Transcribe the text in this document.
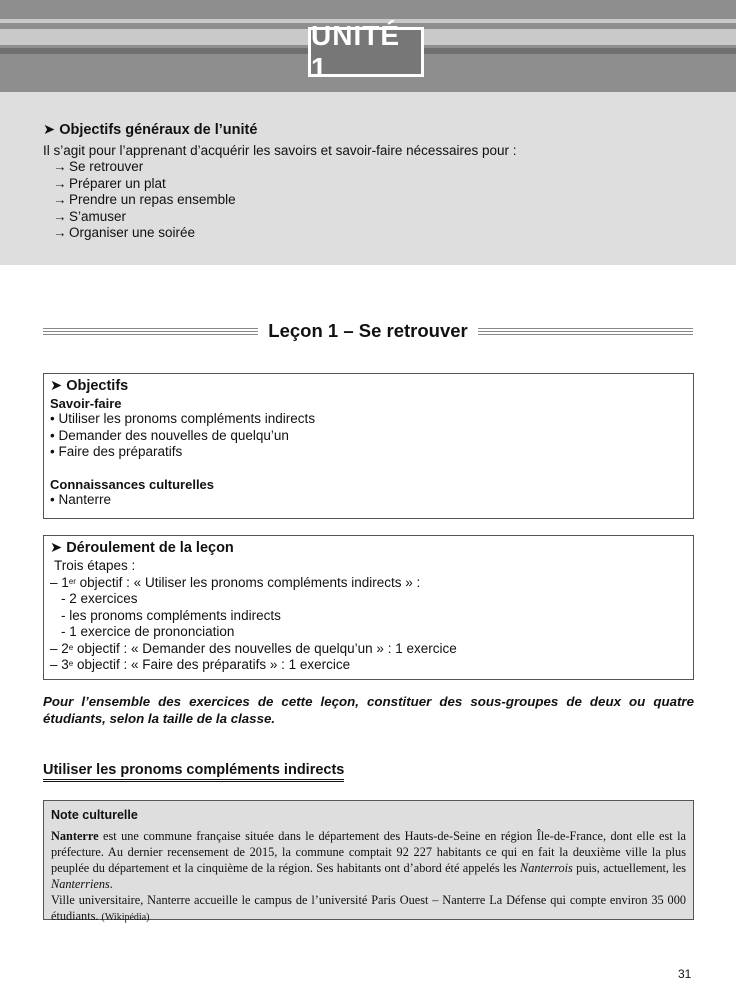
UNITÉ 1
➤ Objectifs généraux de l’unité
Il s’agit pour l’apprenant d’acquérir les savoirs et savoir-faire nécessaires pour :
→ Se retrouver
→ Préparer un plat
→ Prendre un repas ensemble
→ S’amuser
→ Organiser une soirée
Leçon 1 – Se retrouver
➤ Objectifs
Savoir-faire
• Utiliser les pronoms compléments indirects
• Demander des nouvelles de quelqu’un
• Faire des préparatifs
Connaissances culturelles
• Nanterre
➤ Déroulement de la leçon
Trois étapes :
– 1er objectif : « Utiliser les pronoms compléments indirects » :
- 2 exercices
- les pronoms compléments indirects
- 1 exercice de prononciation
– 2e objectif : « Demander des nouvelles de quelqu’un » : 1 exercice
– 3e objectif : « Faire des préparatifs » : 1 exercice
Pour l’ensemble des exercices de cette leçon, constituer des sous-groupes de deux ou quatre étudiants, selon la taille de la classe.
Utiliser les pronoms compléments indirects
Note culturelle
Nanterre est une commune française située dans le département des Hauts-de-Seine en région Île-de-France, dont elle est la préfecture. Au dernier recensement de 2015, la commune comptait 92 227 habitants ce qui en fait la deuxième ville la plus peuplée du département et la cinquième de la région. Ses habitants ont d’abord été appelés les Nanterrois puis, actuellement, les Nanterriens.
Ville universitaire, Nanterre accueille le campus de l’université Paris Ouest – Nanterre La Défense qui compte environ 35 000 étudiants. (Wikipédia)
31
